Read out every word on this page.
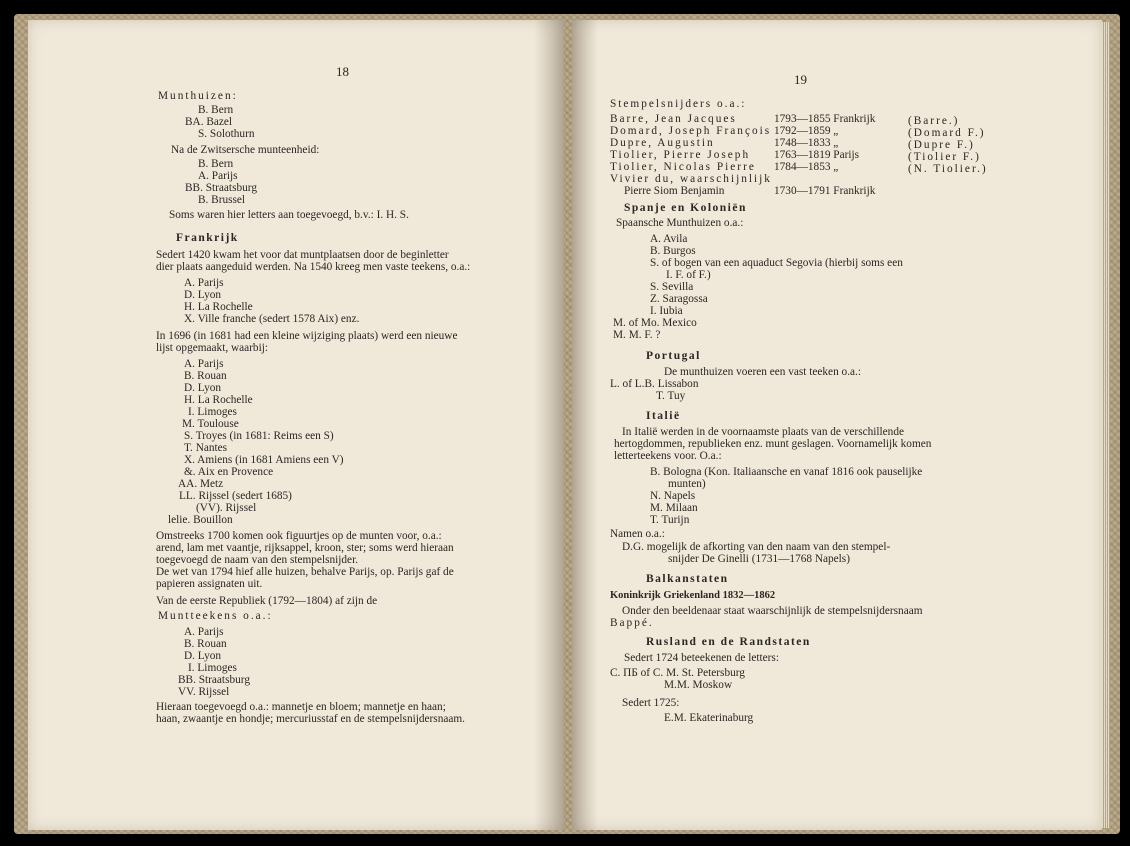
18
Munthuizen:
B. Bern
BA. Bazel
S. Solothurn
Na de Zwitsersche munteenheid:
B. Bern
A. Parijs
BB. Straatsburg
B. Brussel
Soms waren hier letters aan toegevoegd, b.v.: I. H. S.
Frankrijk
Sedert 1420 kwam het voor dat muntplaatsen door de beginletter
dier plaats aangeduid werden. Na 1540 kreeg men vaste teekens, o.a.:
A. Parijs
D. Lyon
H. La Rochelle
X. Ville franche (sedert 1578 Aix) enz.
In 1696 (in 1681 had een kleine wijziging plaats) werd een nieuwe
lijst opgemaakt, waarbij:
A. Parijs
B. Rouan
D. Lyon
H. La Rochelle
I. Limoges
M. Toulouse
S. Troyes (in 1681: Reims een S)
T. Nantes
X. Amiens (in 1681 Amiens een V)
&. Aix en Provence
AA. Metz
LL. Rijssel (sedert 1685)
(VV). Rijssel
lelie. Bouillon
Omstreeks 1700 komen ook figuurtjes op de munten voor, o.a.:
arend, lam met vaantje, rijksappel, kroon, ster; soms werd hieraan
toegevoegd de naam van den stempelsnijder.
De wet van 1794 hief alle huizen, behalve Parijs, op. Parijs gaf de
papieren assignaten uit.
Van de eerste Republiek (1792—1804) af zijn de
Muntteekens o.a.:
A. Parijs
B. Rouan
D. Lyon
I. Limoges
BB. Straatsburg
VV. Rijssel
Hieraan toegevoegd o.a.: mannetje en bloem; mannetje en haan;
haan, zwaantje en hondje; mercuriusstaf en de stempelsnijdersnaam.
19
Stempelsnijders o.a.:
Barre, Jean Jacques	1793—1855 Frankrijk	(Barre.)
Domard, Joseph François 1792—1859 „	(Domard F.)
Dupre, Augustin	1748—1833 „	(Dupre F.)
Tiolier, Pierre Joseph 1763—1819 Parijs	(Tiolier F.)
Tiolier, Nicolas Pierre 1784—1853 „	(N. Tiolier.)
Vivier du, waarschijnlijk
Pierre Siom Benjamin	1730—1791 Frankrijk
Spanje en Koloniën
Spaansche Munthuizen o.a.:
A. Avila
B. Burgos
S. of bogen van een aquaduct Segovia (hierbij soms een
I. F. of F.)
S. Sevilla
Z. Saragossa
I. Iubia
M. of Mo. Mexico
M. M. F. ?
Portugal
De munthuizen voeren een vast teeken o.a.:
L. of L.B. Lissabon
T. Tuy
Italië
In Italië werden in de voornaamste plaats van de verschillende
hertogdommen, republieken enz. munt geslagen. Voornamelijk komen
letterteekens voor. O.a.:
B. Bologna (Kon. Italiaansche en vanaf 1816 ook pauselijke
munten)
N. Napels
M. Milaan
T. Turijn
Namen o.a.:
D.G. mogelijk de afkorting van den naam van den stempel-
snijder De Ginelli (1731—1768 Napels)
Balkanstaten
Koninkrijk Griekenland 1832—1862
Onder den beeldenaar staat waarschijnlijk de stempelsnijdersnaam
Bappé.
Rusland en de Randstaten
Sedert 1724 beteekenen de letters:
C. ПБ of C. M. St. Petersburg
M.M. Moskow
Sedert 1725:
E.M. Ekaterinaburg
